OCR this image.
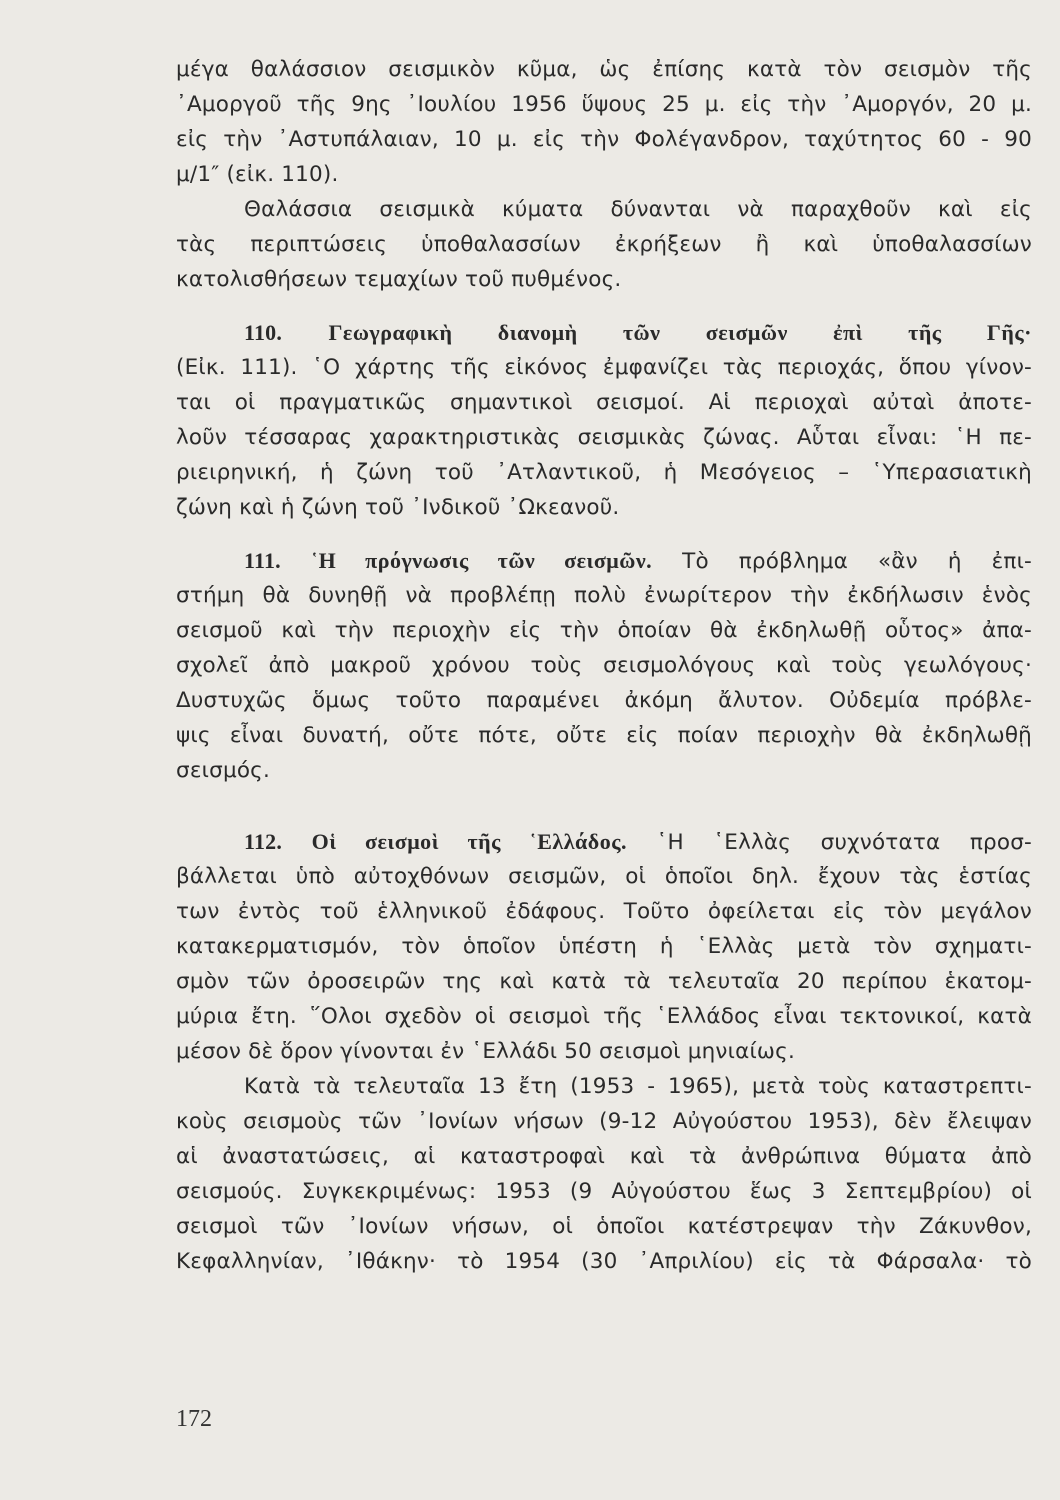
μέγα θαλάσσιον σεισμικὸν κῦμα, ὡς ἐπίσης κατὰ τὸν σεισμὸν τῆς
᾿Αμοργοῦ τῆς 9ης ᾿Ιουλίου 1956 ὕψους 25 μ. εἰς τὴν ᾿Αμοργόν, 20 μ.
εἰς τὴν ᾿Αστυπάλαιαν, 10 μ. εἰς τὴν Φολέγανδρον, ταχύτητος 60 - 90
μ/1″ (εἰκ. 110).
Θαλάσσια σεισμικὰ κύματα δύνανται νὰ παραχθοῦν καὶ εἰς
τὰς περιπτώσεις ὑποθαλασσίων ἐκρήξεων ἢ καὶ ὑποθαλασσίων
κατολισθήσεων τεμαχίων τοῦ πυθμένος.
110. Γεωγραφικὴ διανομὴ τῶν σεισμῶν ἐπὶ τῆς Γῆς·
(Εἰκ. 111). ῾Ο χάρτης τῆς εἰκόνος ἐμφανίζει τὰς περιοχάς, ὅπου γίνον-
ται οἱ πραγματικῶς σημαντικοὶ σεισμοί. Αἱ περιοχαὶ αὐταὶ ἀποτε-
λοῦν τέσσαρας χαρακτηριστικὰς σεισμικὰς ζώνας. Αὗται εἶναι: ῾Η πε-
ριειρηνική, ἡ ζώνη τοῦ ᾿Ατλαντικοῦ, ἡ Μεσόγειος – ῾Υπερασιατικὴ
ζώνη καὶ ἡ ζώνη τοῦ ᾿Ινδικοῦ ᾿Ωκεανοῦ.
111. ῾Η πρόγνωσις τῶν σεισμῶν. Τὸ πρόβλημα «ἂν ἡ ἐπι-
στήμη θὰ δυνηθῇ νὰ προβλέπῃ πολὺ ἐνωρίτερον τὴν ἐκδήλωσιν ἑνὸς
σεισμοῦ καὶ τὴν περιοχὴν εἰς τὴν ὁποίαν θὰ ἐκδηλωθῇ οὗτος» ἀπα-
σχολεῖ ἀπὸ μακροῦ χρόνου τοὺς σεισμολόγους καὶ τοὺς γεωλόγους·
Δυστυχῶς ὅμως τοῦτο παραμένει ἀκόμη ἄλυτον. Οὐδεμία πρόβλε-
ψις εἶναι δυνατή, οὔτε πότε, οὔτε εἰς ποίαν περιοχὴν θὰ ἐκδηλωθῇ
σεισμός.
112. Οἱ σεισμοὶ τῆς ῾Ελλάδος. ῾Η ῾Ελλὰς συχνότατα προσ-
βάλλεται ὑπὸ αὐτοχθόνων σεισμῶν, οἱ ὁποῖοι δηλ. ἔχουν τὰς ἑστίας
των ἐντὸς τοῦ ἑλληνικοῦ ἐδάφους. Τοῦτο ὀφείλεται εἰς τὸν μεγάλον
κατακερματισμόν, τὸν ὁποῖον ὑπέστη ἡ ῾Ελλὰς μετὰ τὸν σχηματι-
σμὸν τῶν ὀροσειρῶν της καὶ κατὰ τὰ τελευταῖα 20 περίπου ἑκατομ-
μύρια ἔτη. ῞Ολοι σχεδὸν οἱ σεισμοὶ τῆς ῾Ελλάδος εἶναι τεκτονικοί, κατὰ
μέσον δὲ ὅρον γίνονται ἐν ῾Ελλάδι 50 σεισμοὶ μηνιαίως.
Κατὰ τὰ τελευταῖα 13 ἔτη (1953 - 1965), μετὰ τοὺς καταστρεπτι-
κοὺς σεισμοὺς τῶν ᾿Ιονίων νήσων (9-12 Αὐγούστου 1953), δὲν ἔλειψαν
αἱ ἀναστατώσεις, αἱ καταστροφαὶ καὶ τὰ ἀνθρώπινα θύματα ἀπὸ
σεισμούς. Συγκεκριμένως: 1953 (9 Αὐγούστου ἕως 3 Σεπτεμβρίου) οἱ
σεισμοὶ τῶν ᾿Ιονίων νήσων, οἱ ὁποῖοι κατέστρεψαν τὴν Ζάκυνθον,
Κεφαλληνίαν, ᾿Ιθάκην· τὸ 1954 (30 ᾿Απριλίου) εἰς τὰ Φάρσαλα· τὸ
172
